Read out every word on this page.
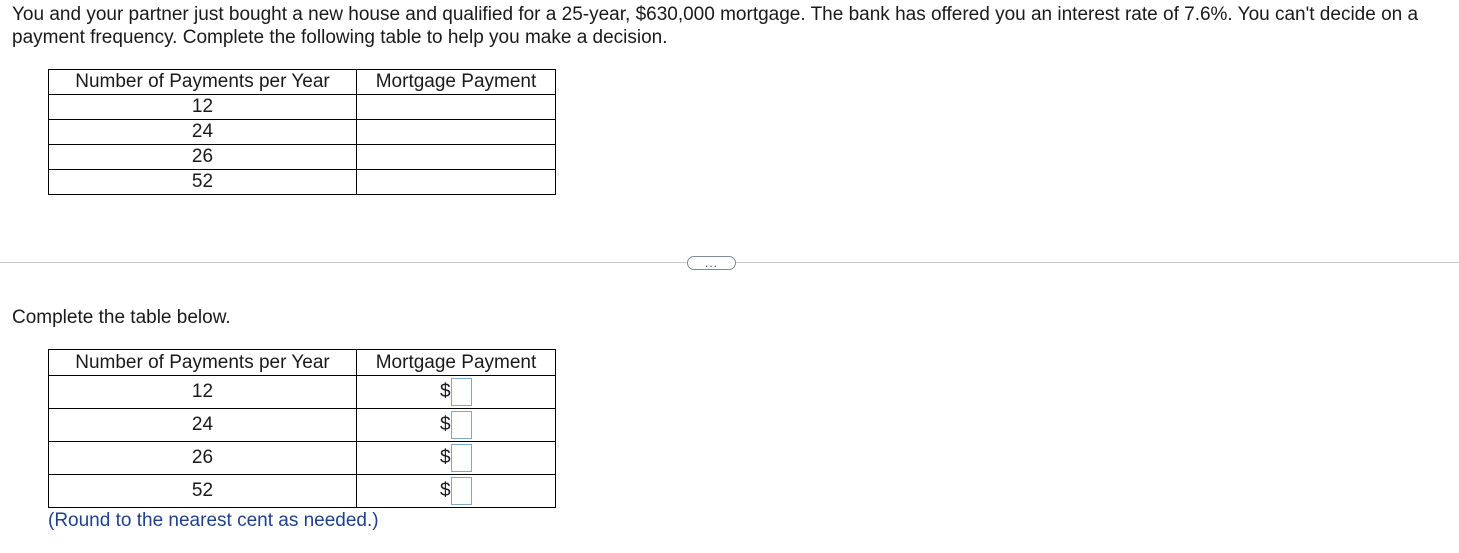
You and your partner just bought a new house and qualified for a 25-year, $630,000 mortgage. The bank has offered you an interest rate of 7.6%. You can't decide on a payment frequency. Complete the following table to help you make a decision.

Number of Payments per Year	Mortgage Payment
12	
24	
26	
52	
...

Complete the table below.

Number of Payments per Year	Mortgage Payment
12	$

24	$

26	$

52	$

(Round to the nearest cent as needed.)
